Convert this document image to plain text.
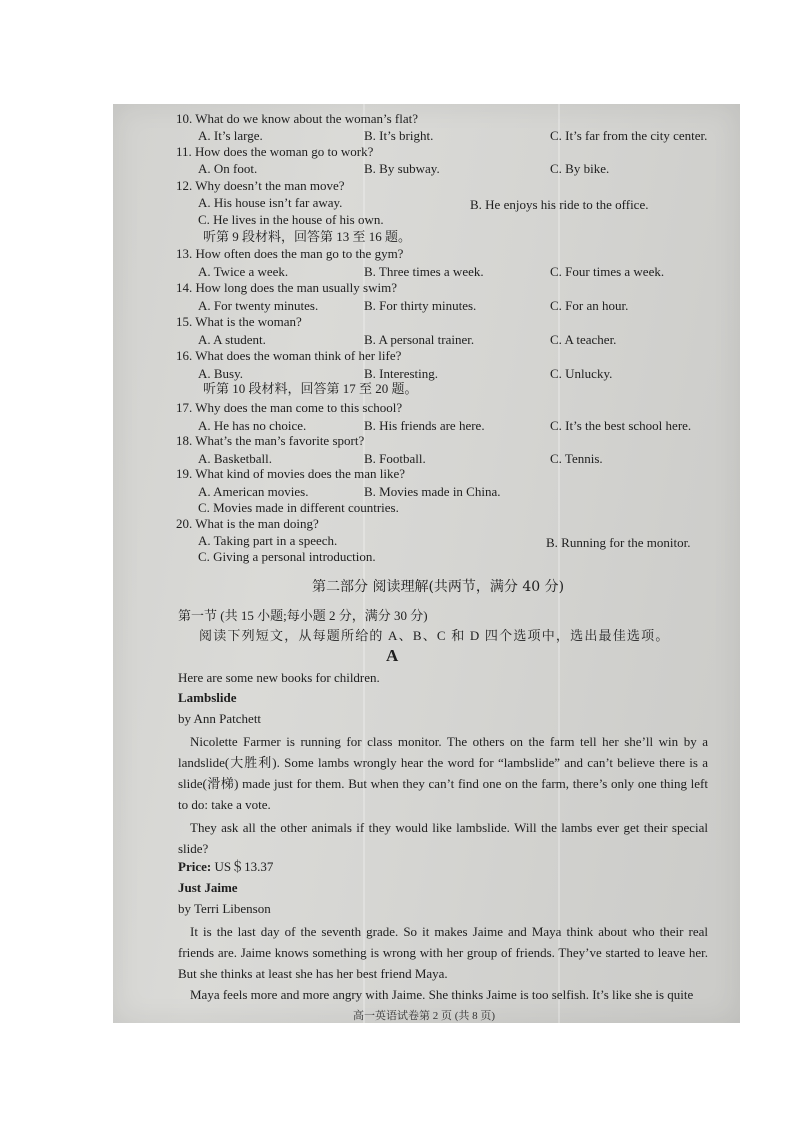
10. What do we know about the woman’s flat?
A. It’s large.	B. It’s bright.	C. It’s far from the city center.
11. How does the woman go to work?
A. On foot.	B. By subway.	C. By bike.
12. Why doesn’t the man move?
A. His house isn’t far away.	B. He enjoys his ride to the office.
C. He lives in the house of his own.
13. How often does the man go to the gym?
A. Twice a week.	B. Three times a week.	C. Four times a week.
14. How long does the man usually swim?
A. For twenty minutes.	B. For thirty minutes.	C. For an hour.
15. What is the woman?
A. A student.	B. A personal trainer.	C. A teacher.
16. What does the woman think of her life?
A. Busy.	B. Interesting.	C. Unlucky.
17. Why does the man come to this school?
A. He has no choice.	B. His friends are here.	C. It’s the best school here.
18. What’s the man’s favorite sport?
A. Basketball.	B. Football.	C. Tennis.
19. What kind of movies does the man like?
A. American movies.	B. Movies made in China.
C. Movies made in different countries.
20. What is the man doing?
A. Taking part in a speech.	B. Running for the monitor.
C. Giving a personal introduction.
听第 9 段材料，回答第 13 至 16 题。
听第 10 段材料，回答第 17 至 20 题。
第二部分 阅读理解(共两节，满分 40 分)
第一节 (共 15 小题;每小题 2 分，满分 30 分)
阅读下列短文，从每题所给的 A、B、C 和 D 四个选项中，选出最佳选项。
A
Here are some new books for children.
Lambslide
by Ann Patchett
Nicolette Farmer is running for class monitor. The others on the farm tell her she’ll win by a landslide(大胜利). Some lambs wrongly hear the word for “lambslide” and can’t believe there is a slide(滑梯) made just for them. But when they can’t find one on the farm, there’s only one thing left to do: take a vote.
They ask all the other animals if they would like lambslide. Will the lambs ever get their special slide?
Price: US＄13.37
Just Jaime
by Terri Libenson
It is the last day of the seventh grade. So it makes Jaime and Maya think about who their real friends are. Jaime knows something is wrong with her group of friends. They’ve started to leave her. But she thinks at least she has her best friend Maya.
Maya feels more and more angry with Jaime. She thinks Jaime is too selfish. It’s like she is quite
高一英语试卷第 2 页 (共 8 页)
